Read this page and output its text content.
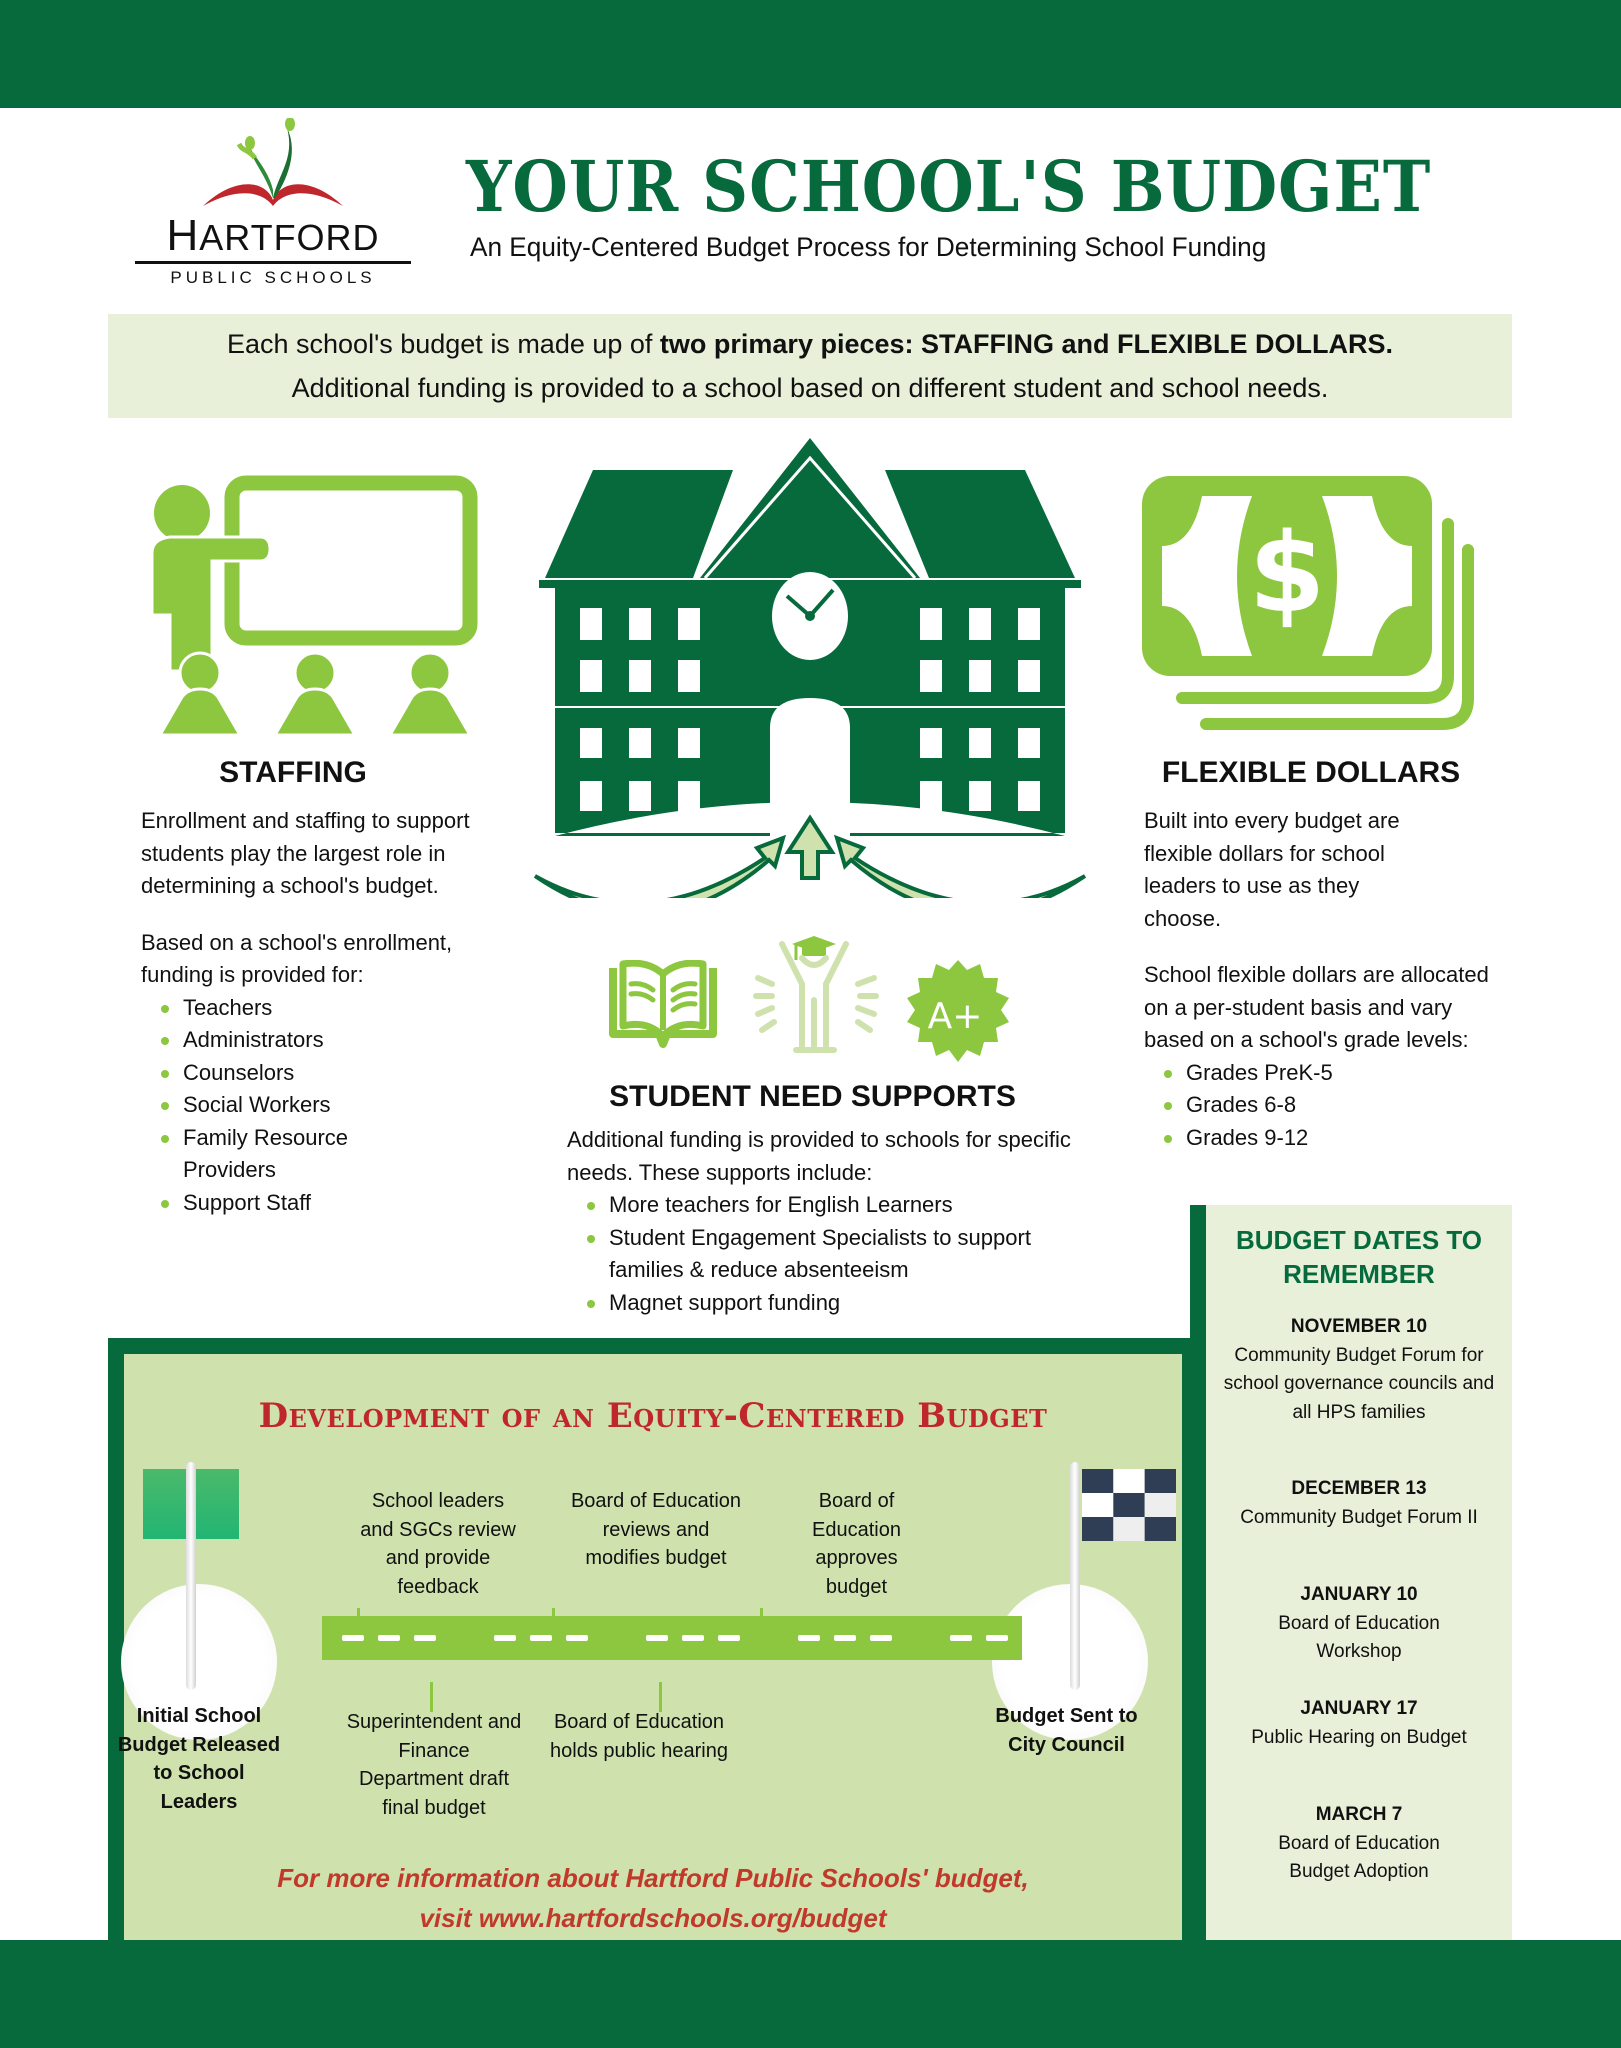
HARTFORD
PUBLIC SCHOOLS
YOUR SCHOOL'S BUDGET
An Equity-Centered Budget Process for Determining School Funding
Each school's budget is made up of two primary pieces: STAFFING and FLEXIBLE DOLLARS.
Additional funding is provided to a school based on different student and school needs.
$
A+
STAFFING

Enrollment and staffing to support students play the largest role in determining a school's budget.

Based on a school's enrollment, funding is provided for:

Teachers
Administrators
Counselors
Social Workers
Family Resource Providers
Support Staff
STUDENT NEED SUPPORTS

Additional funding is provided to schools for specific needs. These supports include:

More teachers for English Learners
Student Engagement Specialists to support families & reduce absenteeism
Magnet support funding
FLEXIBLE DOLLARS

Built into every budget are flexible dollars for school leaders to use as they choose.

School flexible dollars are allocated on a per-student basis and vary based on a school's grade levels:

Grades PreK-5
Grades 6-8
Grades 9-12
Development of an Equity-Centered Budget
School leaders and SGCs review and provide feedback
Board of Education reviews and modifies budget
Board of Education approves budget
Initial School Budget Released to School Leaders
Superintendent and Finance Department draft final budget
Board of Education holds public hearing
Budget Sent to City Council
For more information about Hartford Public Schools' budget,
visit www.hartfordschools.org/budget
BUDGET DATES TO REMEMBER
NOVEMBER 10
Community Budget Forum for school governance councils and all HPS families
DECEMBER 13
Community Budget Forum II
JANUARY 10
Board of Education Workshop
JANUARY 17
Public Hearing on Budget
MARCH 7
Board of Education Budget Adoption
